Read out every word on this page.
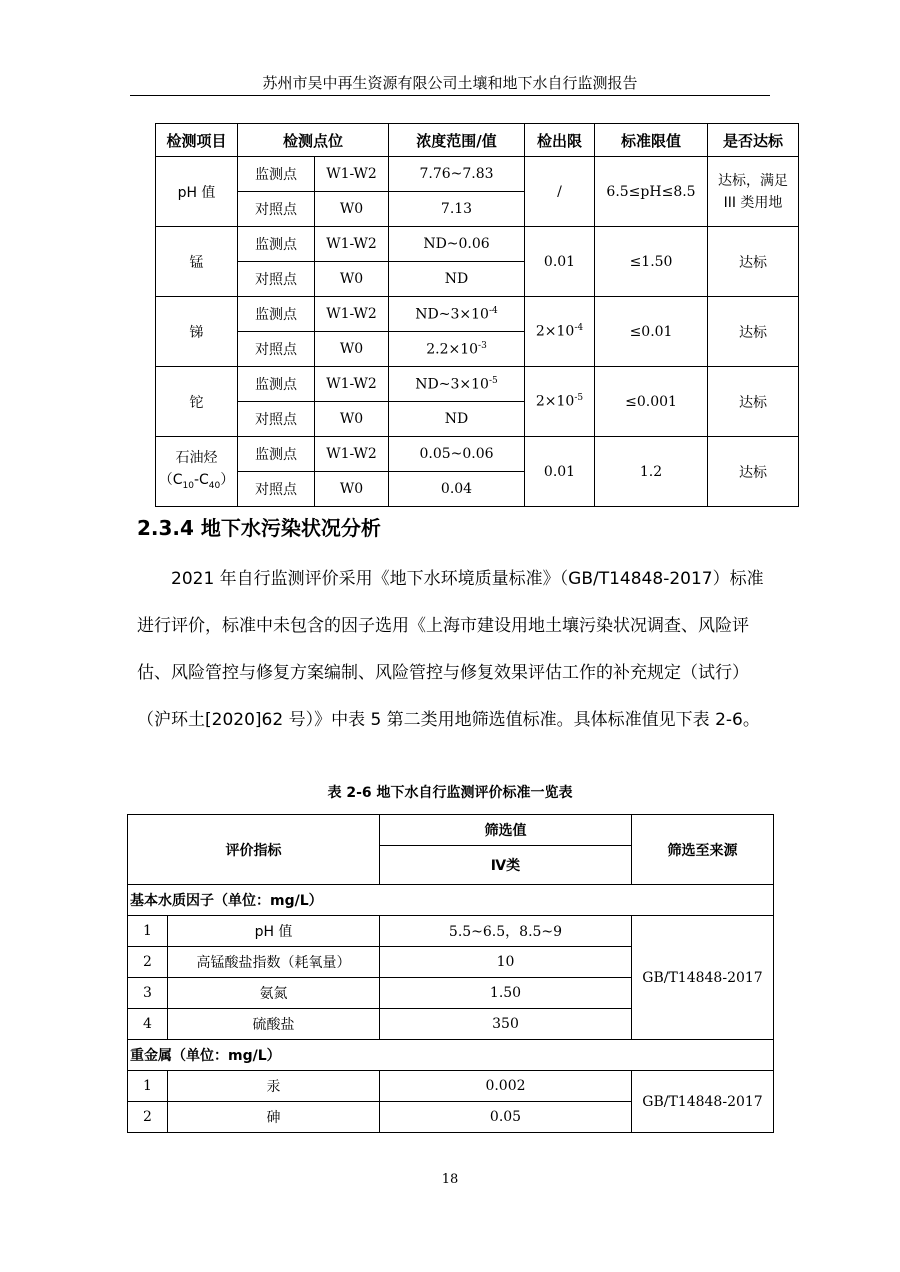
苏州市吴中再生资源有限公司土壤和地下水自行监测报告
检测项目	检测点位		浓度范围/值	检出限	标准限值	是否达标
pH 值	监测点	W1-W2	7.76~7.83	/	6.5≤pH≤8.5	达标，满足III 类用地
	对照点	W0	7.13			
锰	监测点	W1-W2	ND~0.06	0.01	≤1.50	达标
	对照点	W0	ND			
锑	监测点	W1-W2	$ND\sim 3\times 10^{-4}$	$2\times 10^{-4}$	≤0.01	达标
	对照点	W0	$2.2\times 10^{-3}$
铊	监测点	W1-W2	$ND\sim 3\times 10^{-5}$	$2\times 10^{-5}$	≤0.001	达标
	对照点	W0	ND			
石油烃
$(C_{10}-C_{40})$	监测点	W1-W2	0.05~0.06	0.01	1.2	达标
	对照点	W0	0.04			
2.3.4 地下水污染状况分析

2021 年自行监测评价采用《地下水环境质量标准》（GB/T14848-2017）标准进行评价，标准中未包含的因子选用《上海市建设用地土壤污染状况调查、风险评估、风险管控与修复方案编制、风险管控与修复效果评估工作的补充规定（试行）（沪环土[2020]62 号）》中表 5 第二类用地筛选值标准。具体标准值见下表 2-6。

表 2-6 地下水自行监测评价标准一览表
评价指标		筛选值	筛选至来源
		Ⅳ类	
基本水质因子（单位：mg/L）			
1	pH 值	5.5~6.5，8.5~9	GB/T14848-2017
2	高锰酸盐指数（耗氧量）	10	
3	氨氮	1.50	
4	硫酸盐	350	
重金属（单位：mg/L）			
1	汞	0.002	GB/T14848-2017
2	砷	0.05	
18
